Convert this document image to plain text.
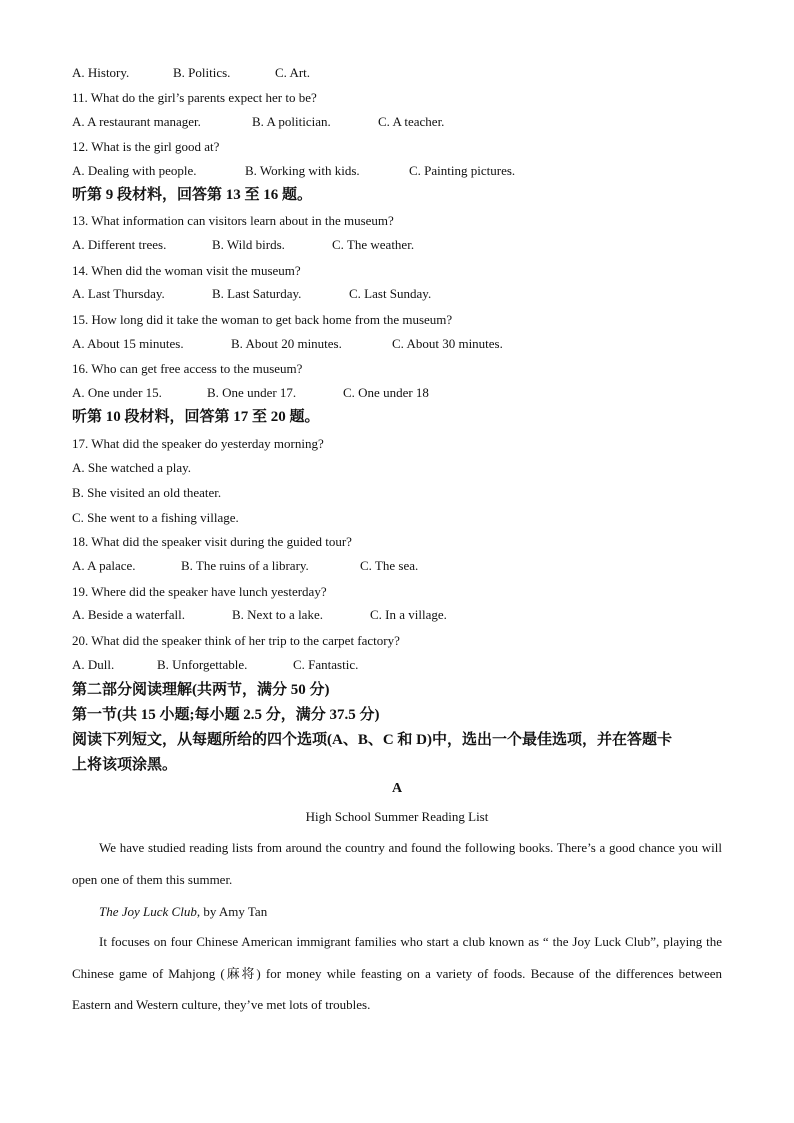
A. History.	B. Politics.	C. Art.
11. What do the girl’s parents expect her to be?
A. A restaurant manager.	B. A politician.	C. A teacher.
12. What is the girl good at?
A. Dealing with people.	B. Working with kids.	C. Painting pictures.
听第 9 段材料，回答第 13 至 16 题。
13. What information can visitors learn about in the museum?
A. Different trees.	B. Wild birds.	C. The weather.
14. When did the woman visit the museum?
A. Last Thursday.	B. Last Saturday.	C. Last Sunday.
15. How long did it take the woman to get back home from the museum?
A. About 15 minutes.	B. About 20 minutes.	C. About 30 minutes.
16. Who can get free access to the museum?
A. One under 15.	B. One under 17.	C. One under 18
听第 10 段材料，回答第 17 至 20 题。
17. What did the speaker do yesterday morning?
A. She watched a play.
B. She visited an old theater.
C. She went to a fishing village.
18. What did the speaker visit during the guided tour?
A. A palace.	B. The ruins of a library.	C. The sea.
19. Where did the speaker have lunch yesterday?
A. Beside a waterfall.	B. Next to a lake.	C. In a village.
20. What did the speaker think of her trip to the carpet factory?
A. Dull.	B. Unforgettable.	C. Fantastic.
第二部分阅读理解(共两节，满分 50 分)
第一节(共 15 小题;每小题 2.5 分，满分 37.5 分)
阅读下列短文，从每题所给的四个选项(A、B、C 和 D)中，选出一个最佳选项，并在答题卡
上将该项涂黑。
A
High School Summer Reading List
We have studied reading lists from around the country and found the following books. There’s a good chance you will open one of them this summer.
The Joy Luck Club, by Amy Tan
It focuses on four Chinese American immigrant families who start a club known as “ the Joy Luck Club”, playing the Chinese game of Mahjong (麻将) for money while feasting on a variety of foods. Because of the differences between Eastern and Western culture, they’ve met lots of troubles.
